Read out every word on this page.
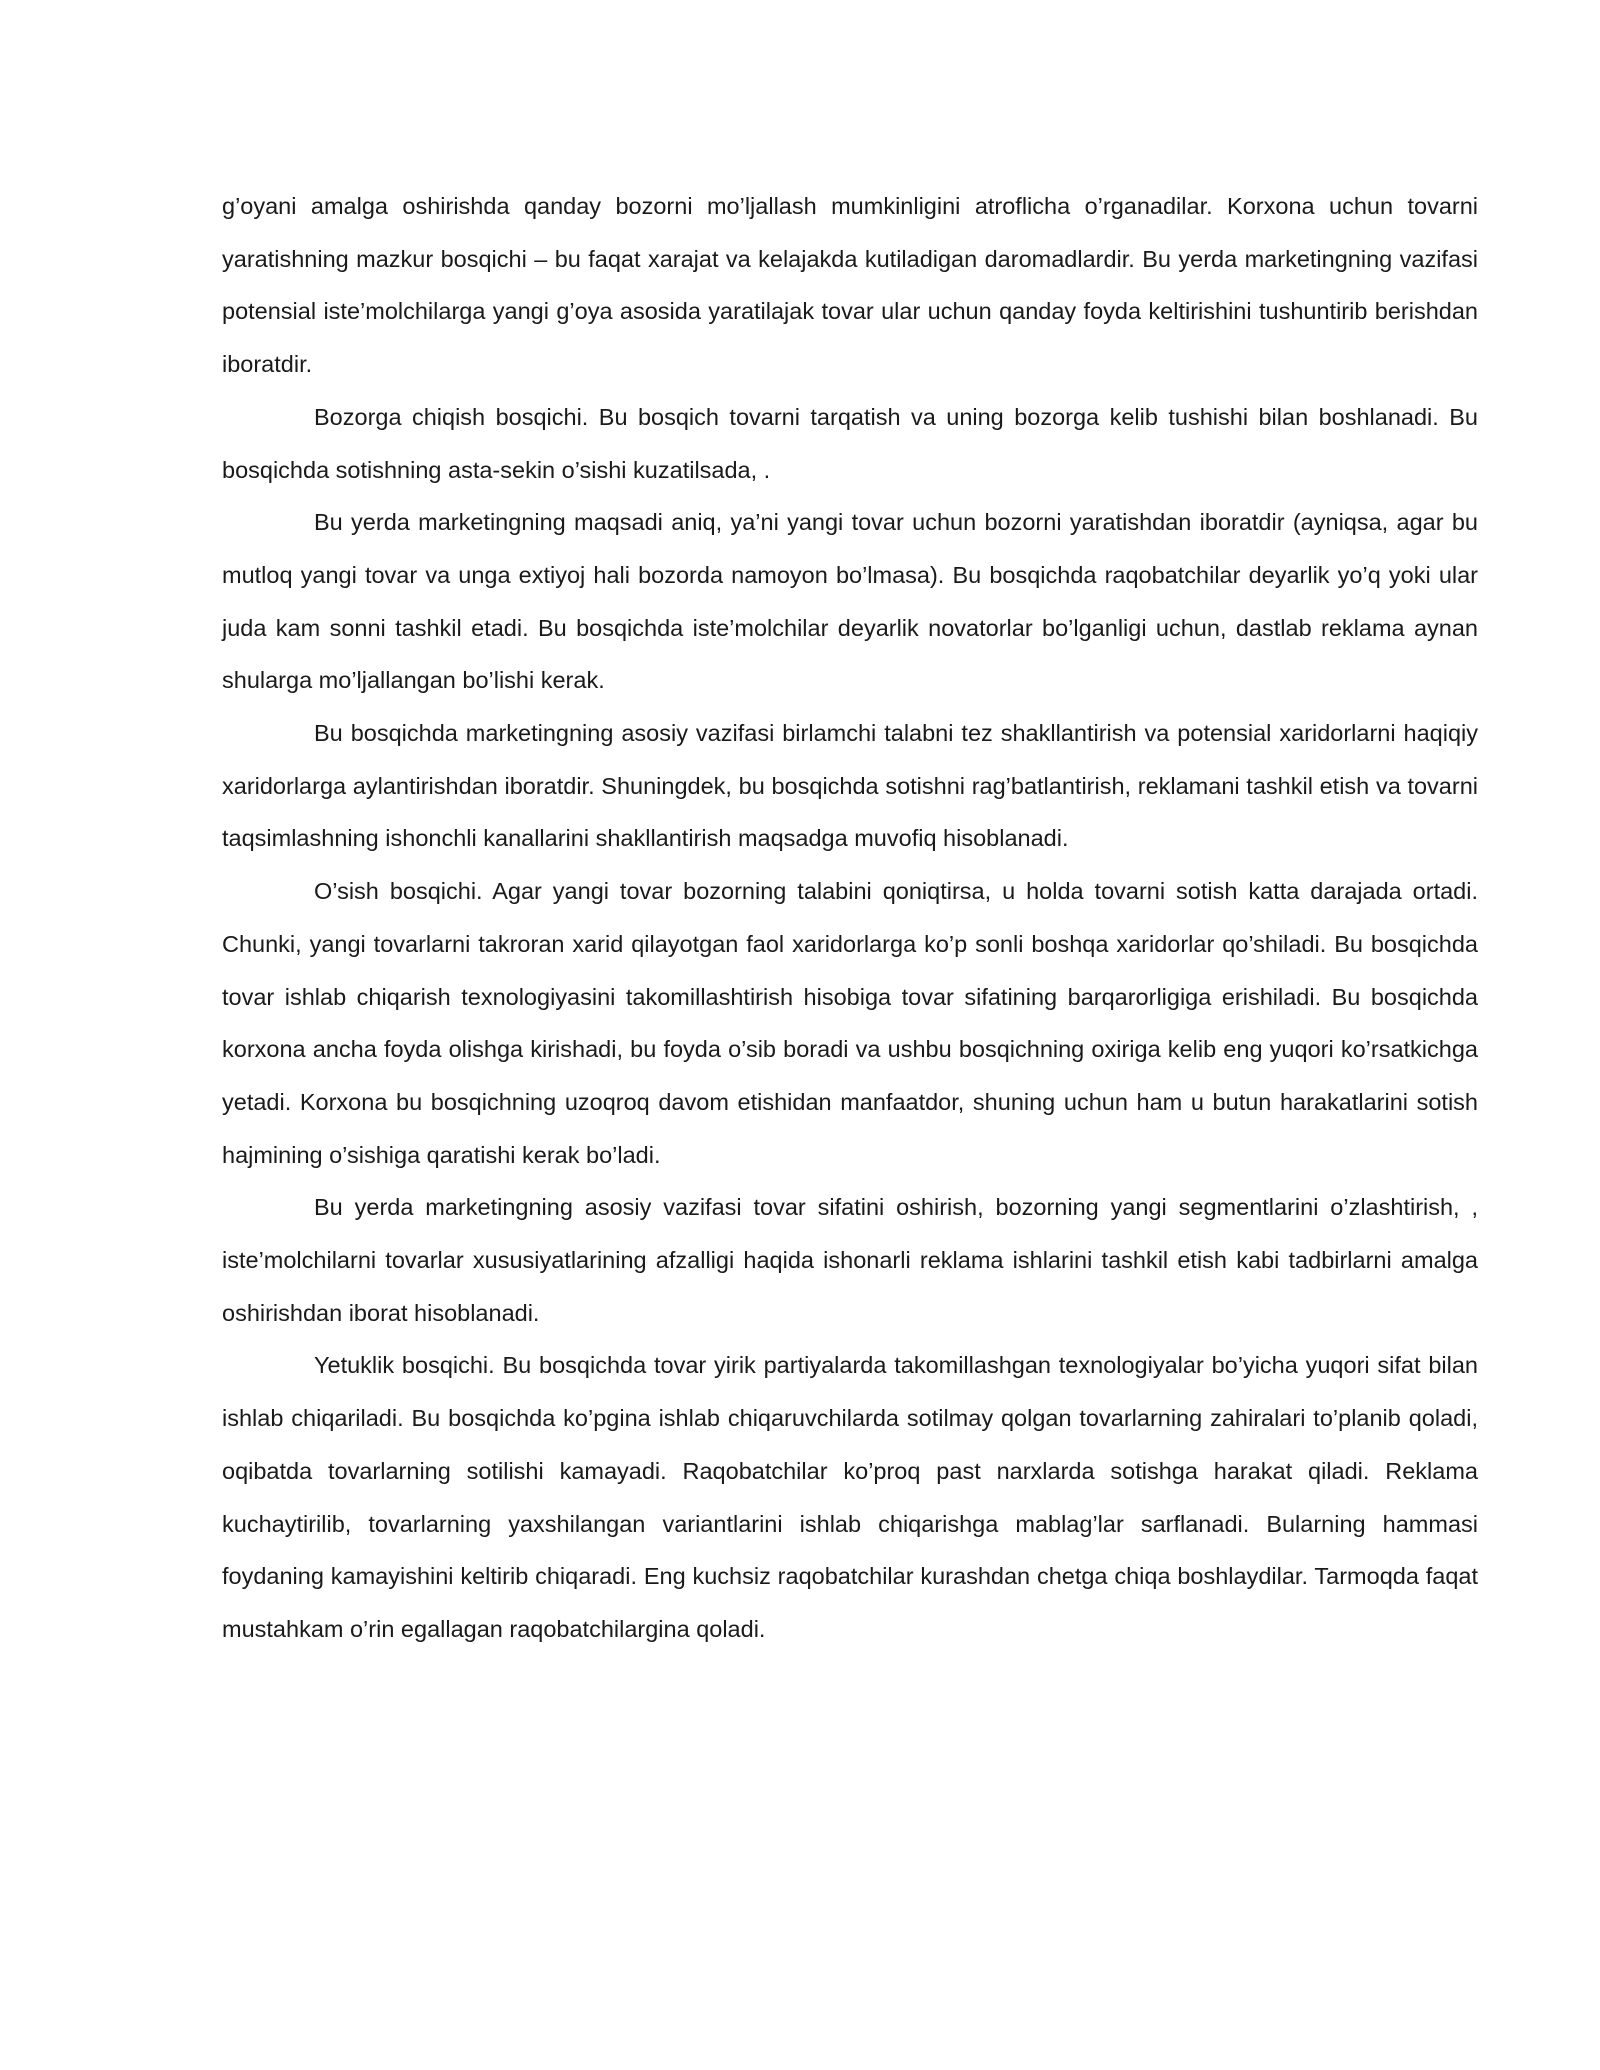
g’oyani amalga oshirishda qanday bozorni mo’ljallash mumkinligini atroflicha o’rganadilar. Korxona uchun tovarni yaratishning mazkur bosqichi – bu faqat xarajat va kelajakda kutiladigan daromadlardir. Bu yerda marketingning vazifasi potensial iste’molchilarga yangi g’oya asosida yaratilajak tovar ular uchun qanday foyda keltirishini tushuntirib berishdan iboratdir.

Bozorga chiqish bosqichi. Bu bosqich tovarni tarqatish va uning bozorga kelib tushishi bilan boshlanadi. Bu bosqichda sotishning asta-sekin o’sishi kuzatilsada, .

Bu yerda marketingning maqsadi aniq, ya’ni yangi tovar uchun bozorni yaratishdan iboratdir (ayniqsa, agar bu mutloq yangi tovar va unga extiyoj hali bozorda namoyon bo’lmasa). Bu bosqichda raqobatchilar deyarlik yo’q yoki ular juda kam sonni tashkil etadi. Bu bosqichda iste’molchilar deyarlik novatorlar bo’lganligi uchun, dastlab reklama aynan shularga mo’ljallangan bo’lishi kerak.

Bu bosqichda marketingning asosiy vazifasi birlamchi talabni tez shakllantirish va potensial xaridorlarni haqiqiy xaridorlarga aylantirishdan iboratdir. Shuningdek, bu bosqichda sotishni rag’batlantirish, reklamani tashkil etish va tovarni taqsimlashning ishonchli kanallarini shakllantirish maqsadga muvofiq hisoblanadi.

O’sish bosqichi. Agar yangi tovar bozorning talabini qoniqtirsa, u holda tovarni sotish katta darajada ortadi. Chunki, yangi tovarlarni takroran xarid qilayotgan faol xaridorlarga ko’p sonli boshqa xaridorlar qo’shiladi. Bu bosqichda tovar ishlab chiqarish texnologiyasini takomillashtirish hisobiga tovar sifatining barqarorligiga erishiladi. Bu bosqichda korxona ancha foyda olishga kirishadi, bu foyda o’sib boradi va ushbu bosqichning oxiriga kelib eng yuqori ko’rsatkichga yetadi. Korxona bu bosqichning uzoqroq davom etishidan manfaatdor, shuning uchun ham u butun harakatlarini sotish hajmining o’sishiga qaratishi kerak bo’ladi.

Bu yerda marketingning asosiy vazifasi tovar sifatini oshirish, bozorning yangi segmentlarini o’zlashtirish, , iste’molchilarni tovarlar xususiyatlarining afzalligi haqida ishonarli reklama ishlarini tashkil etish kabi tadbirlarni amalga oshirishdan iborat hisoblanadi.

Yetuklik bosqichi. Bu bosqichda tovar yirik partiyalarda takomillashgan texnologiyalar bo’yicha yuqori sifat bilan ishlab chiqariladi. Bu bosqichda ko’pgina ishlab chiqaruvchilarda sotilmay qolgan tovarlarning zahiralari to’planib qoladi, oqibatda tovarlarning sotilishi kamayadi. Raqobatchilar ko’proq past narxlarda sotishga harakat qiladi. Reklama kuchaytirilib, tovarlarning yaxshilangan variantlarini ishlab chiqarishga mablag’lar sarflanadi. Bularning hammasi foydaning kamayishini keltirib chiqaradi. Eng kuchsiz raqobatchilar kurashdan chetga chiqa boshlaydilar. Tarmoqda faqat mustahkam o’rin egallagan raqobatchilargina qoladi.
